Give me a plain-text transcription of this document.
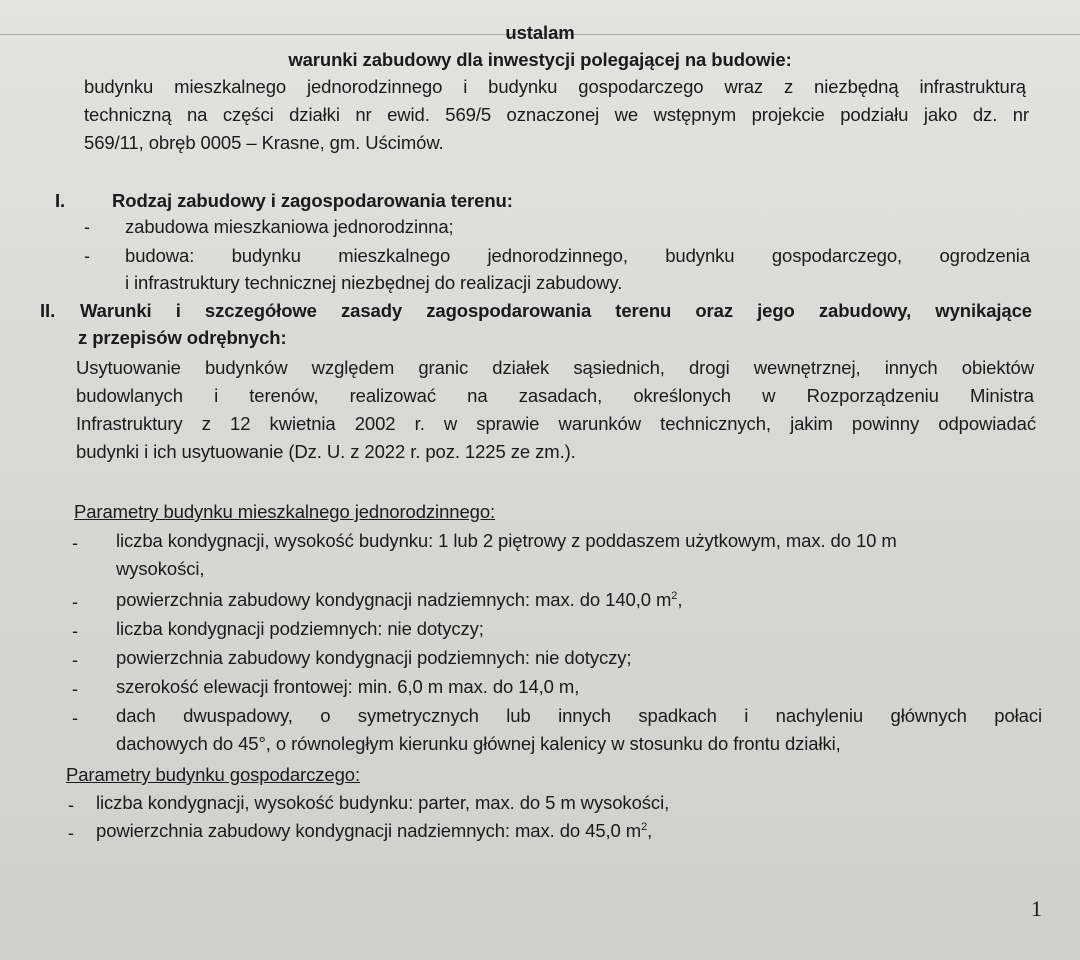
ustalam
warunki zabudowy dla inwestycji polegającej na budowie:
budynku mieszkalnego jednorodzinnego i budynku gospodarczego wraz z niezbędną infrastrukturą
techniczną na części działki nr ewid. 569/5 oznaczonej we wstępnym projekcie podziału jako dz. nr
569/11, obręb 0005 – Krasne, gm. Uścimów.
I.	Rodzaj zabudowy i zagospodarowania terenu:
- zabudowa mieszkaniowa jednorodzinna;
- budowa: budynku mieszkalnego jednorodzinnego, budynku gospodarczego, ogrodzenia
i infrastruktury technicznej niezbędnej do realizacji zabudowy.
II. Warunki i szczegółowe zasady zagospodarowania terenu oraz jego zabudowy, wynikające
z przepisów odrębnych:
Usytuowanie budynków względem granic działek sąsiednich, drogi wewnętrznej, innych obiektów
budowlanych i terenów, realizować na zasadach, określonych w Rozporządzeniu Ministra
Infrastruktury z 12 kwietnia 2002 r. w sprawie warunków technicznych, jakim powinny odpowiadać
budynki i ich usytuowanie (Dz. U. z 2022 r. poz. 1225 ze zm.).
Parametry budynku mieszkalnego jednorodzinnego:
- liczba kondygnacji, wysokość budynku: 1 lub 2 piętrowy z poddaszem użytkowym, max. do 10 m
wysokości,
- powierzchnia zabudowy kondygnacji nadziemnych: max. do 140,0 $m^2$,
- liczba kondygnacji podziemnych: nie dotyczy;
- powierzchnia zabudowy kondygnacji podziemnych: nie dotyczy;
- szerokość elewacji frontowej: min. 6,0 m max. do 14,0 m,
- dach dwuspadowy, o symetrycznych lub innych spadkach i nachyleniu głównych połaci
dachowych do 45°, o równoległym kierunku głównej kalenicy w stosunku do frontu działki,
Parametry budynku gospodarczego:
- liczba kondygnacji, wysokość budynku: parter, max. do 5 m wysokości,
- powierzchnia zabudowy kondygnacji nadziemnych: max. do 45,0 $m^2$,
1
